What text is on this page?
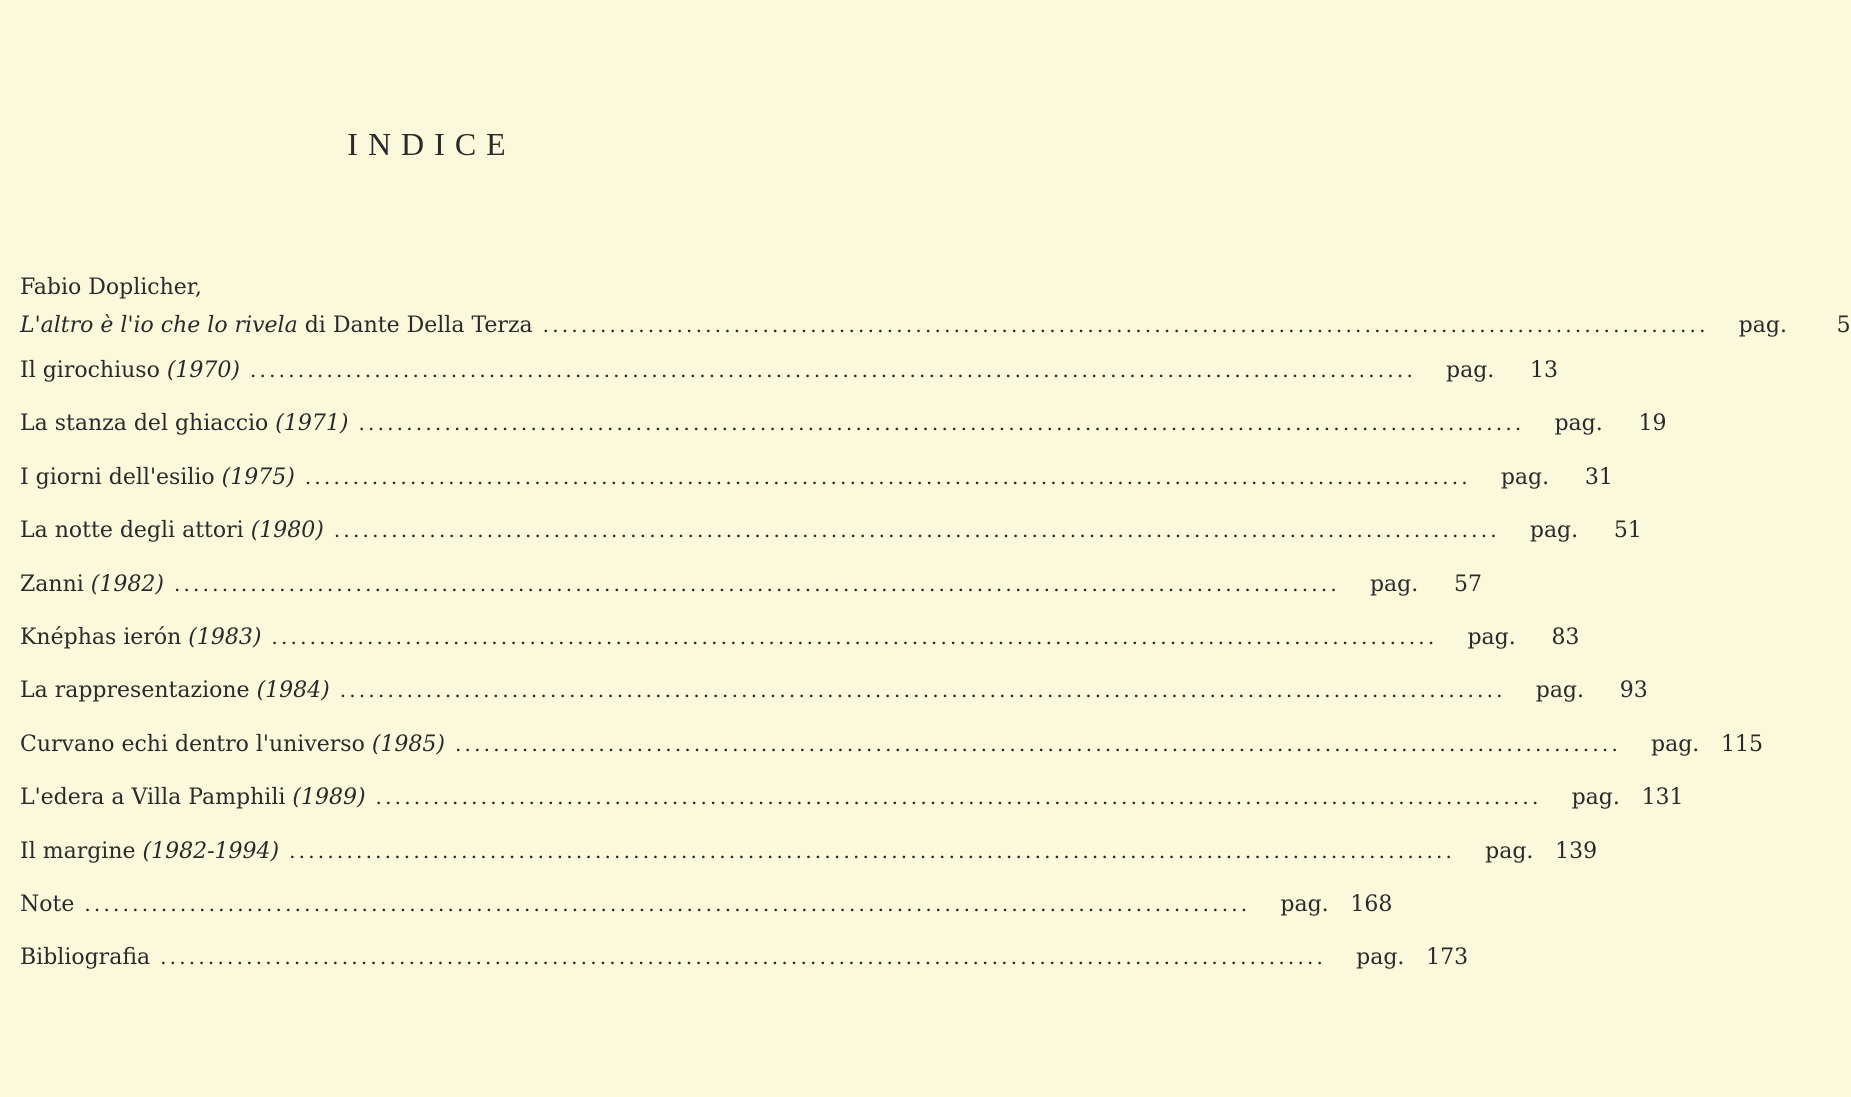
INDICE
Fabio Doplicher,
L'altro è l'io che lo rivela di Dante Della Terza .......................................................................................................................... pag.	5
Il girochiuso (1970) .......................................................................................................................... pag.	13
La stanza del ghiaccio (1971) .......................................................................................................................... pag.	19
I giorni dell'esilio (1975) .......................................................................................................................... pag.	31
La notte degli attori (1980) .......................................................................................................................... pag.	51
Zanni (1982) .......................................................................................................................... pag.	57
Knéphas ierón (1983) .......................................................................................................................... pag.	83
La rappresentazione (1984) .......................................................................................................................... pag.	93
Curvano echi dentro l'universo (1985) .......................................................................................................................... pag. 115
L'edera a Villa Pamphili (1989) .......................................................................................................................... pag. 131
Il margine (1982-1994) .......................................................................................................................... pag. 139
Note .......................................................................................................................... pag. 168
Bibliografia .......................................................................................................................... pag. 173
